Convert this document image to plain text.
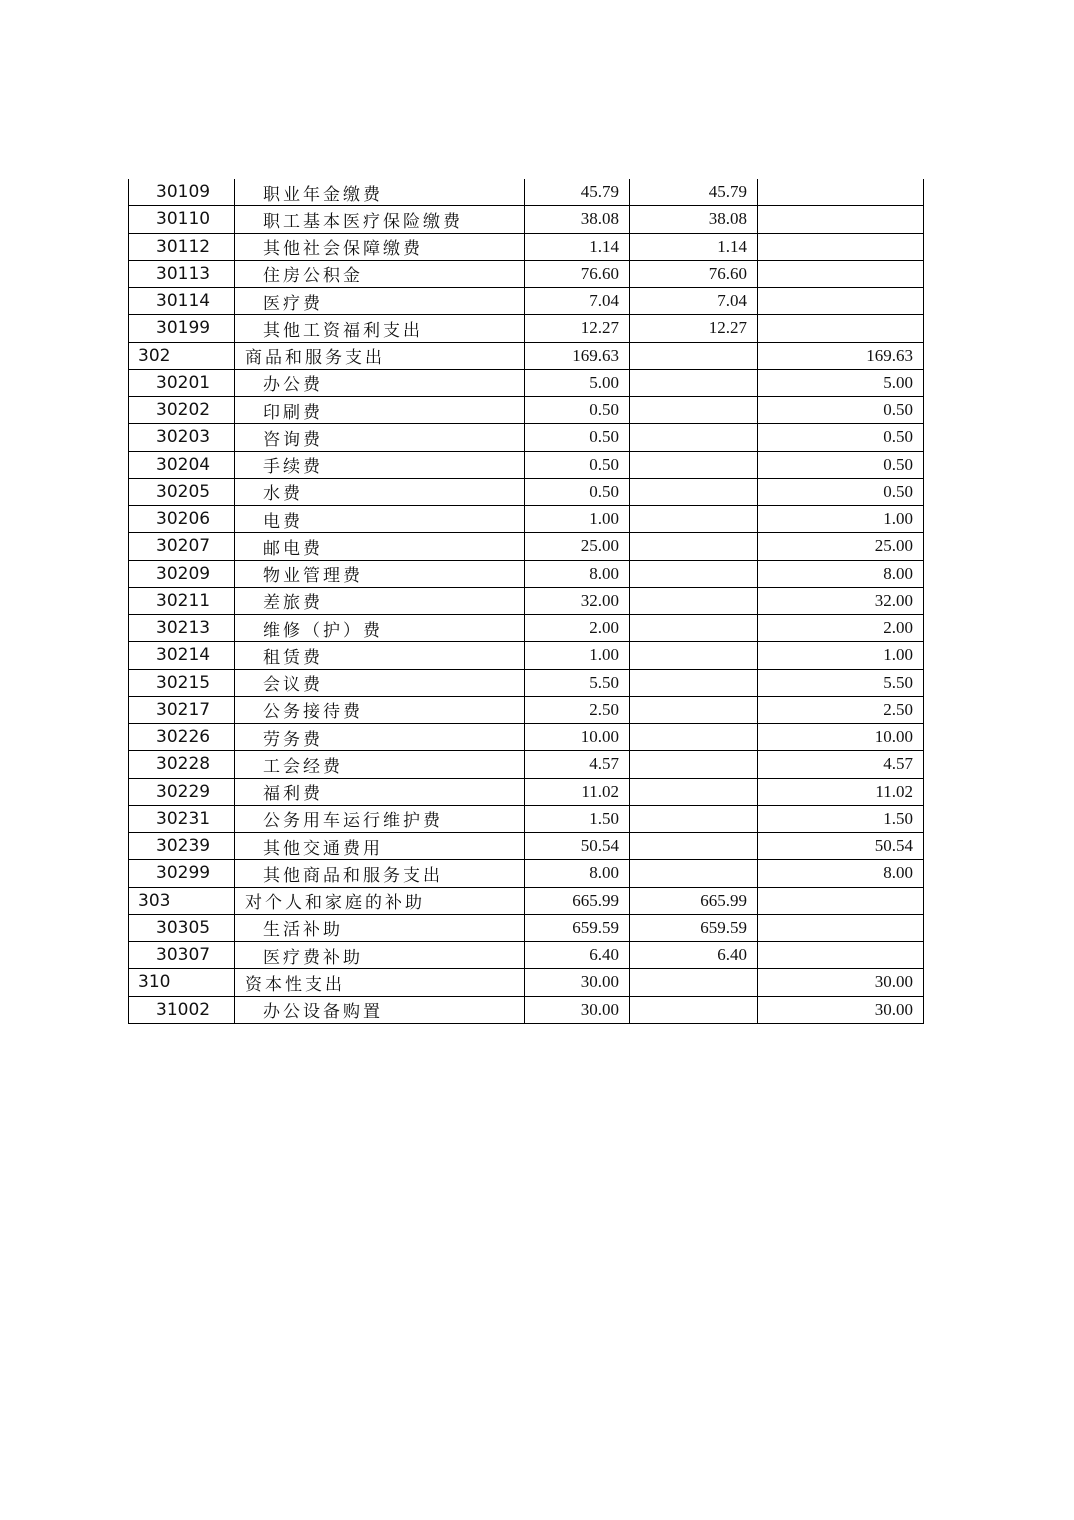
30109	职业年金缴费	45.79	45.79	
30110	职工基本医疗保险缴费	38.08	38.08	
30112	其他社会保障缴费	1.14	1.14	
30113	住房公积金	76.60	76.60	
30114	医疗费	7.04	7.04	
30199	其他工资福利支出	12.27	12.27	
302	商品和服务支出	169.63		169.63
30201	办公费	5.00		5.00
30202	印刷费	0.50		0.50
30203	咨询费	0.50		0.50
30204	手续费	0.50		0.50
30205	水费	0.50		0.50
30206	电费	1.00		1.00
30207	邮电费	25.00		25.00
30209	物业管理费	8.00		8.00
30211	差旅费	32.00		32.00
30213	维修（护）费	2.00		2.00
30214	租赁费	1.00		1.00
30215	会议费	5.50		5.50
30217	公务接待费	2.50		2.50
30226	劳务费	10.00		10.00
30228	工会经费	4.57		4.57
30229	福利费	11.02		11.02
30231	公务用车运行维护费	1.50		1.50
30239	其他交通费用	50.54		50.54
30299	其他商品和服务支出	8.00		8.00
303	对个人和家庭的补助	665.99	665.99	
30305	生活补助	659.59	659.59	
30307	医疗费补助	6.40	6.40	
310	资本性支出	30.00		30.00
31002	办公设备购置	30.00		30.00
